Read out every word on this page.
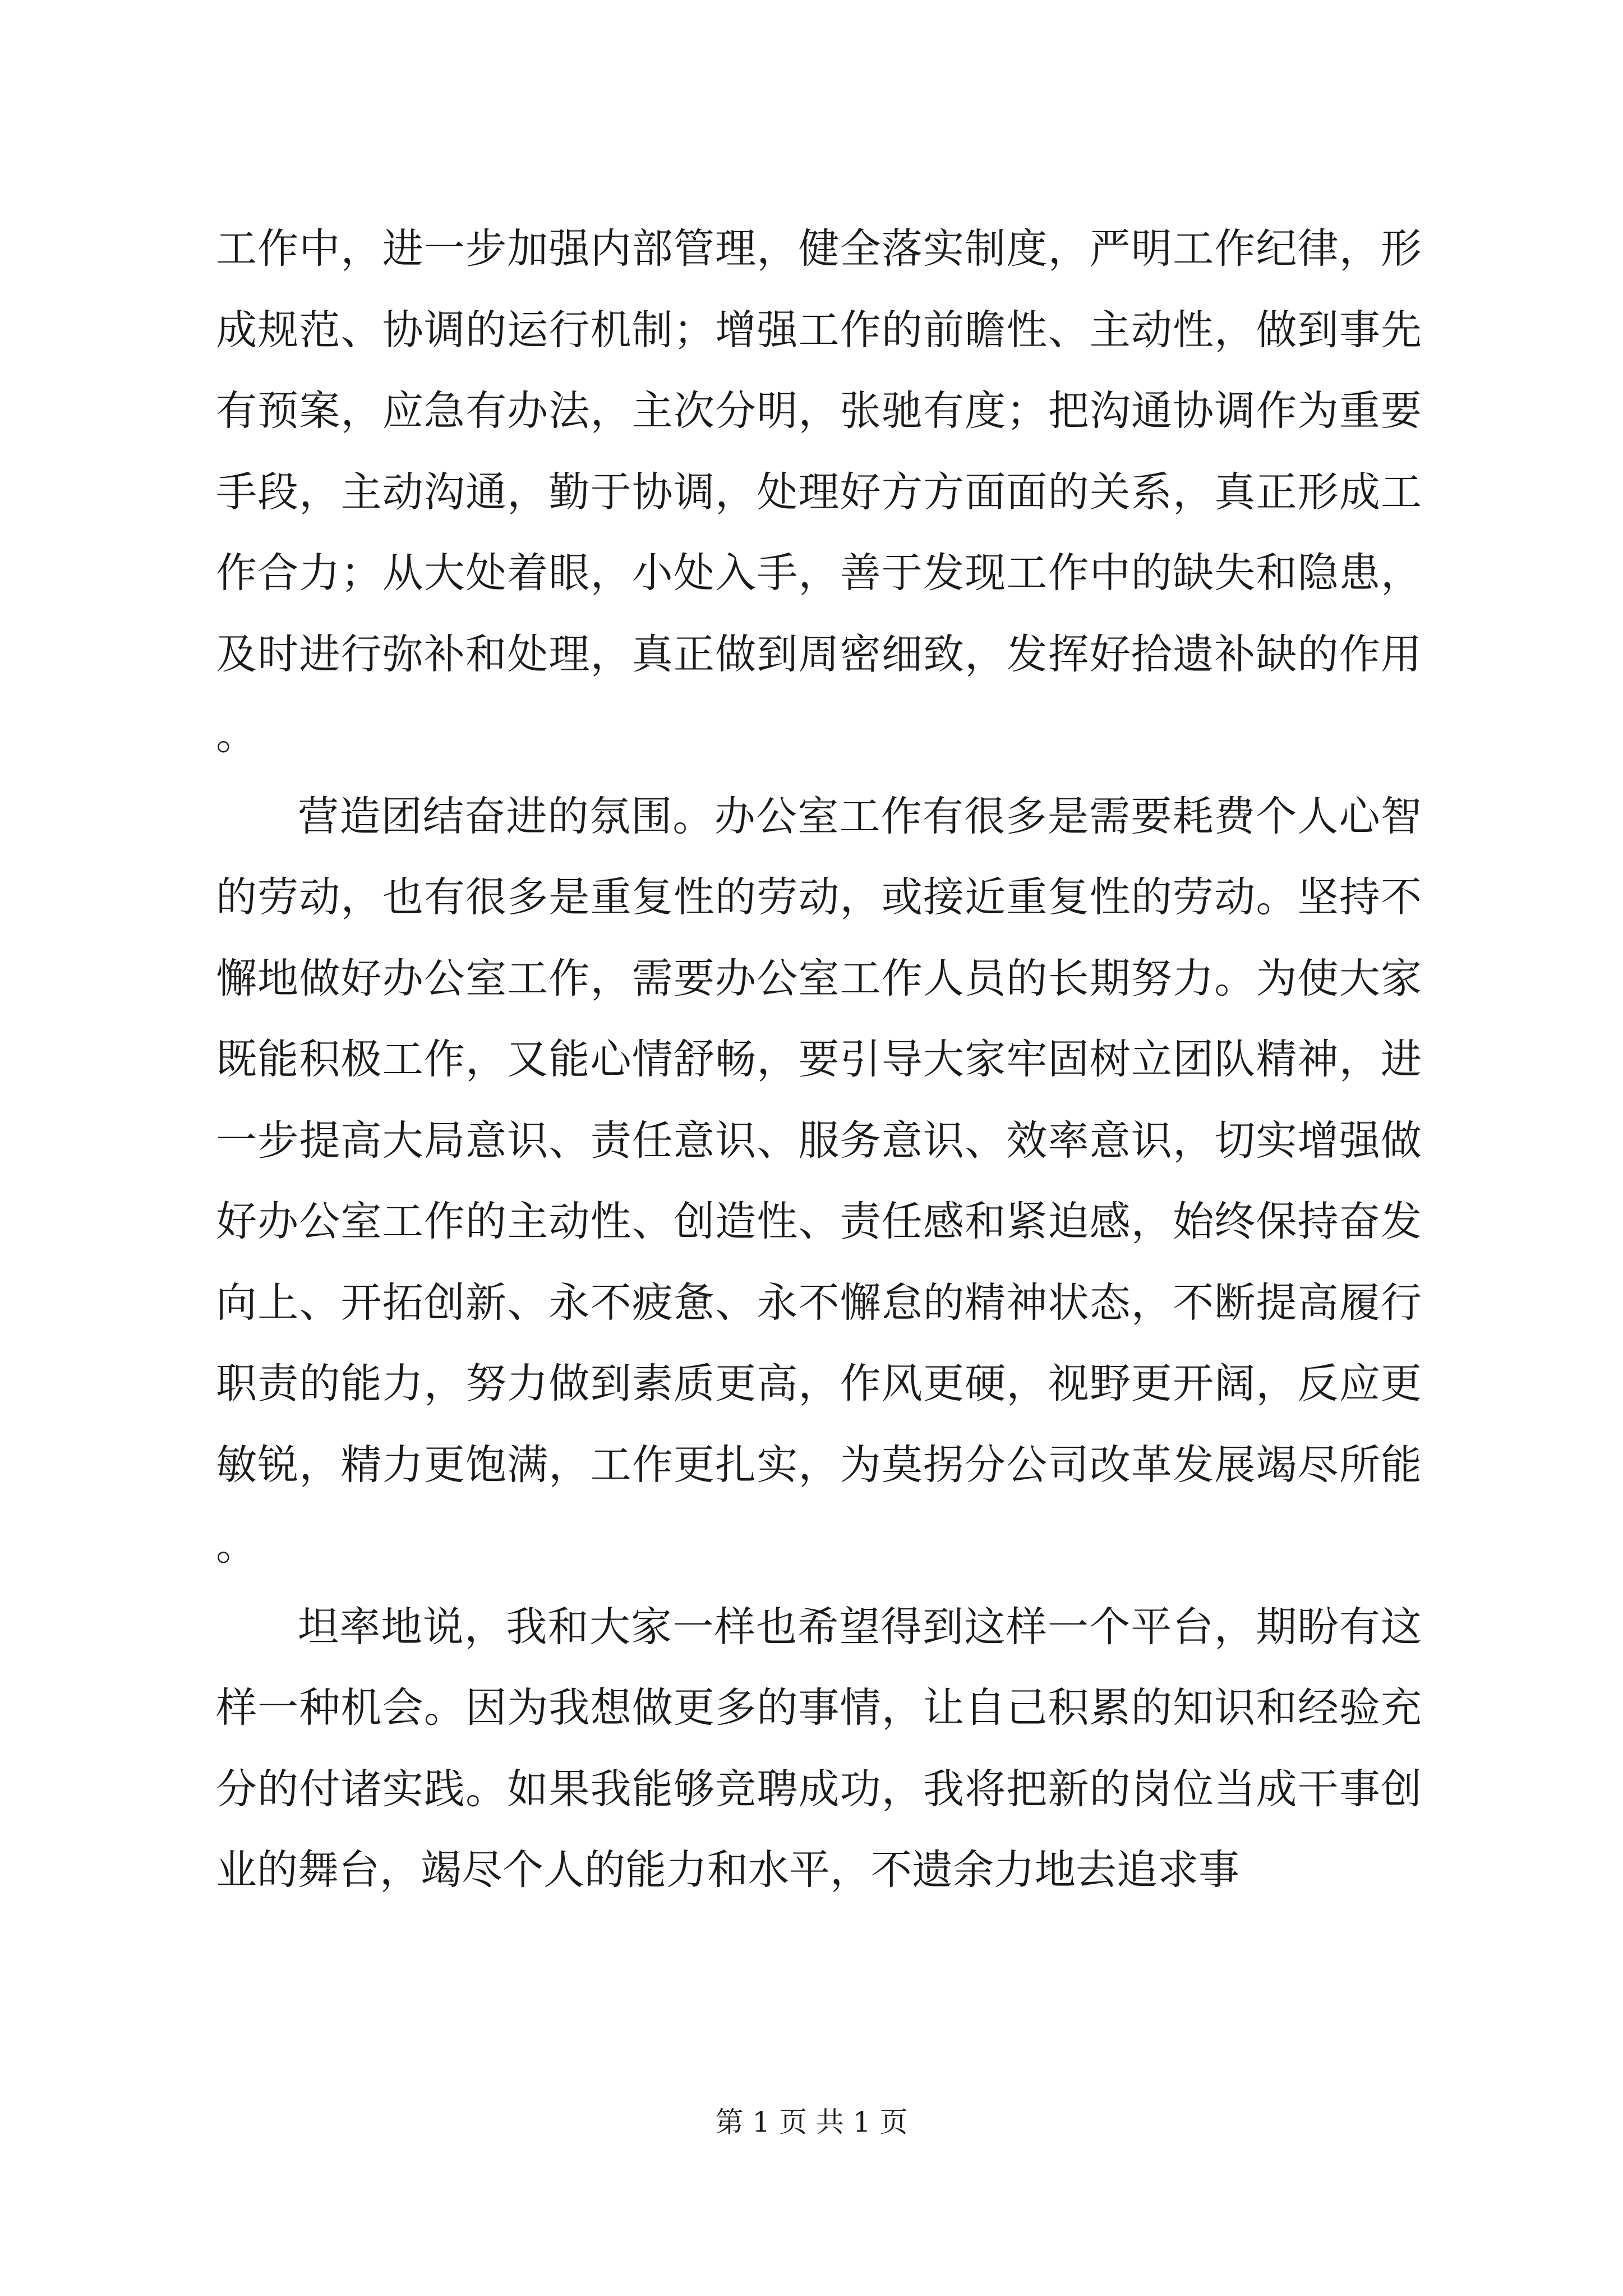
工作中，进一步加强内部管理，健全落实制度，严明工作纪律，形成规范、协调的运行机制；增强工作的前瞻性、主动性，做到事先有预案，应急有办法，主次分明，张驰有度；把沟通协调作为重要手段，主动沟通，勤于协调，处理好方方面面的关系，真正形成工作合力；从大处着眼，小处入手，善于发现工作中的缺失和隐患，及时进行弥补和处理，真正做到周密细致，发挥好拾遗补缺的作用。

营造团结奋进的氛围。办公室工作有很多是需要耗费个人心智的劳动，也有很多是重复性的劳动，或接近重复性的劳动。坚持不懈地做好办公室工作，需要办公室工作人员的长期努力。为使大家既能积极工作，又能心情舒畅，要引导大家牢固树立团队精神，进一步提高大局意识、责任意识、服务意识、效率意识，切实增强做好办公室工作的主动性、创造性、责任感和紧迫感，始终保持奋发向上、开拓创新、永不疲惫、永不懈怠的精神状态，不断提高履行职责的能力，努力做到素质更高，作风更硬，视野更开阔，反应更敏锐，精力更饱满，工作更扎实，为莫拐分公司改革发展竭尽所能。

坦率地说，我和大家一样也希望得到这样一个平台，期盼有这样一种机会。因为我想做更多的事情，让自己积累的知识和经验充分的付诸实践。如果我能够竞聘成功，我将把新的岗位当成干事创业的舞台，竭尽个人的能力和水平，不遗余力地去追求事

第 1 页 共 1 页
